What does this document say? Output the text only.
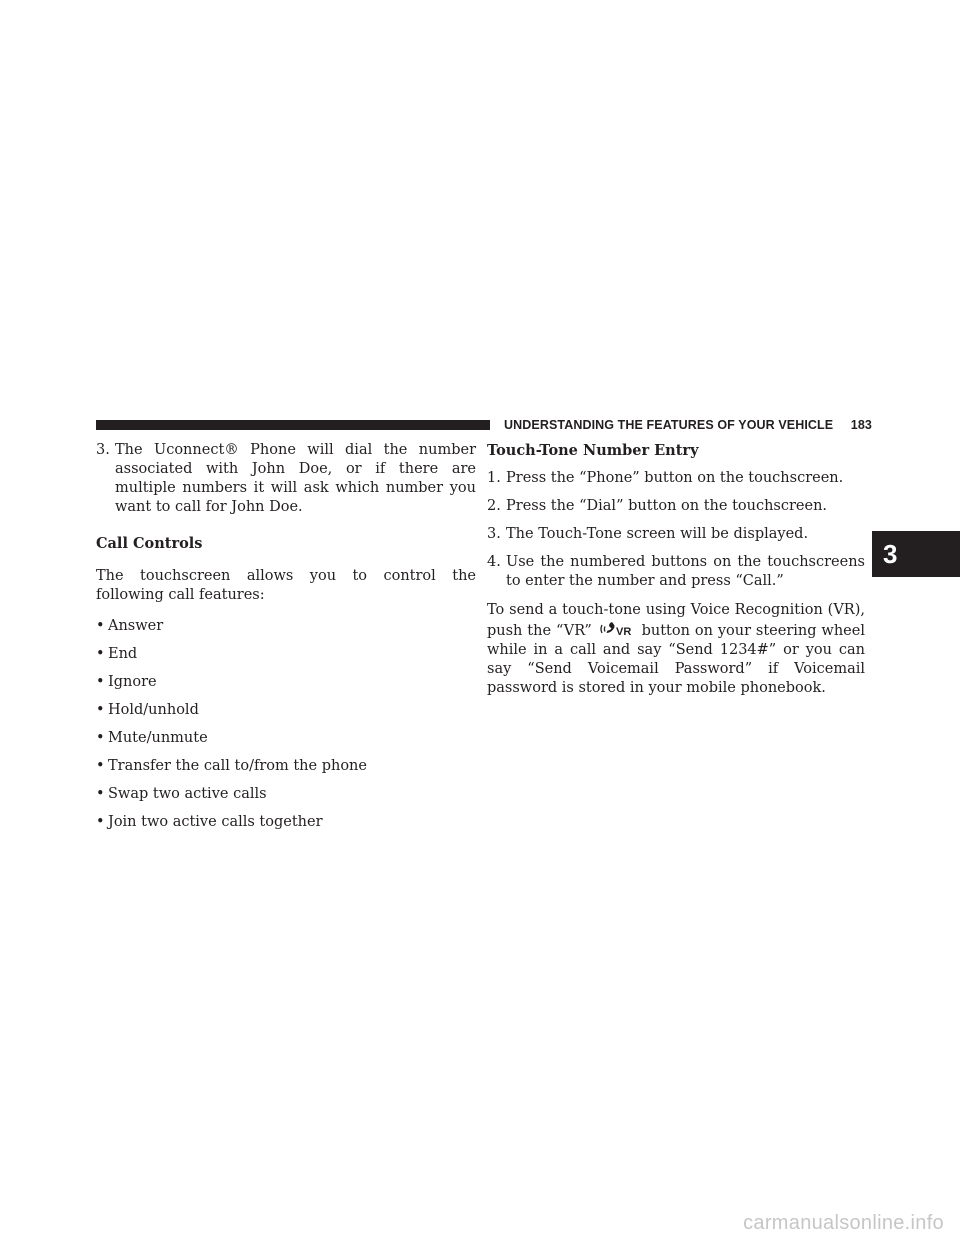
UNDERSTANDING THE FEATURES OF YOUR VEHICLE 183
3. The Uconnect® Phone will dial the number associated with John Doe, or if there are multiple numbers it will ask which number you want to call for John Doe.
Call Controls

The touchscreen allows you to control the following call features:

• Answer
• End
• Ignore
• Hold/unhold
• Mute/unmute
• Transfer the call to/from the phone
• Swap two active calls
• Join two active calls together
Touch-Tone Number Entry
1. Press the “Phone” button on the touchscreen.
2. Press the “Dial” button on the touchscreen.
3. The Touch-Tone screen will be displayed.
4. Use the numbered buttons on the touchscreens to enter the number and press “Call.”

To send a touch-tone using Voice Recognition (VR), push the “VR” VR button on your steering wheel while in a call and say “Send 1234#” or you can say “Send Voicemail Password” if Voicemail password is stored in your mobile phonebook.

3
carmanualsonline.info
